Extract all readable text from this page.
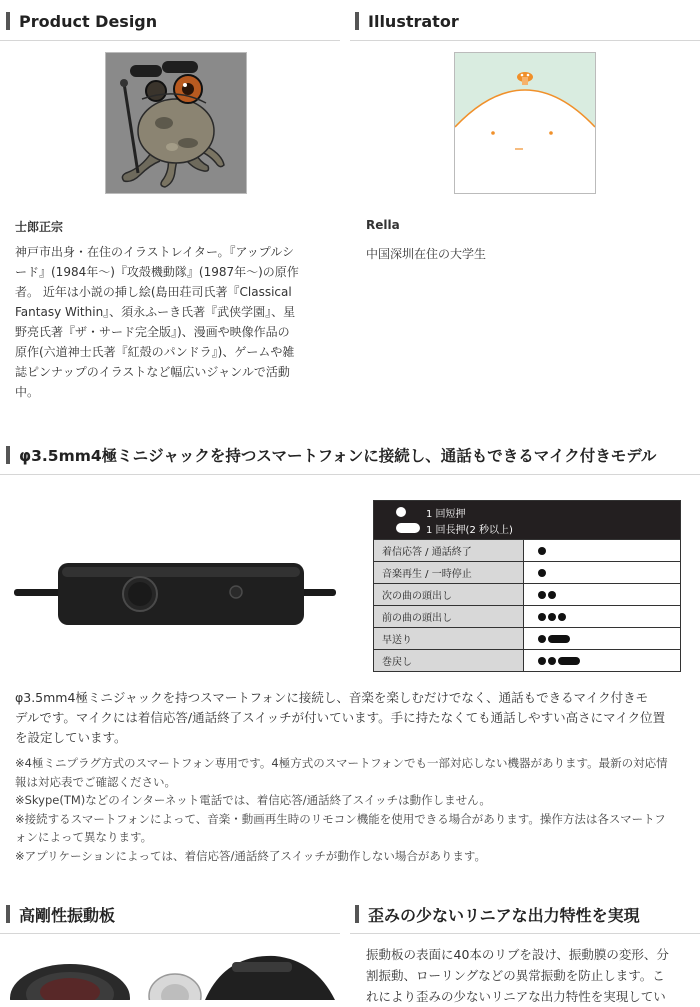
Product Design	Illustrator
士郎正宗
神戸市出身・在住のイラストレイター。『アップルシ
ード』(1984年～)『攻殻機動隊』(1987年～)の原作
者。 近年は小説の挿し絵(島田荘司氏著『Classical
Fantasy Within』、須永ふーき氏著『武侠学園』、星
野亮氏著『ザ・サード完全版』)、漫画や映像作品の
原作(六道神士氏著『紅殻のパンドラ』)、ゲームや雑
誌ピンナップのイラストなど幅広いジャンルで活動
中。
Rella
中国深圳在住の大学生
φ3.5mm4極ミニジャックを持つスマートフォンに接続し、通話もできるマイク付きモデル
1 回短押
1 回長押(2 秒以上)
着信応答 / 通話終了
音楽再生 / 一時停止
次の曲の頭出し
前の曲の頭出し
早送り
巻戻し
φ3.5mm4極ミニジャックを持つスマートフォンに接続し、音楽を楽しむだけでなく、通話もできるマイク付きモ
デルです。マイクには着信応答/通話終了スイッチが付いています。手に持たなくても通話しやすい高さにマイク位置
を設定しています。
※4極ミニプラグ方式のスマートフォン専用です。4極方式のスマートフォンでも一部対応しない機器があります。最新の対応情
報は対応表でご確認ください。
※Skype(TM)などのインターネット電話では、着信応答/通話終了スイッチは動作しません。
※接続するスマートフォンによって、音楽・動画再生時のリモコン機能を使用できる場合があります。操作方法は各スマートフ
ォンによって異なります。
※アプリケーションによっては、着信応答/通話終了スイッチが動作しない場合があります。
高剛性振動板	歪みの少ないリニアな出力特性を実現
振動板の表面に40本のリブを設け、振動膜の変形、分
割振動、ローリングなどの異常振動を防止します。こ
れにより歪みの少ないリニアな出力特性を実現してい
